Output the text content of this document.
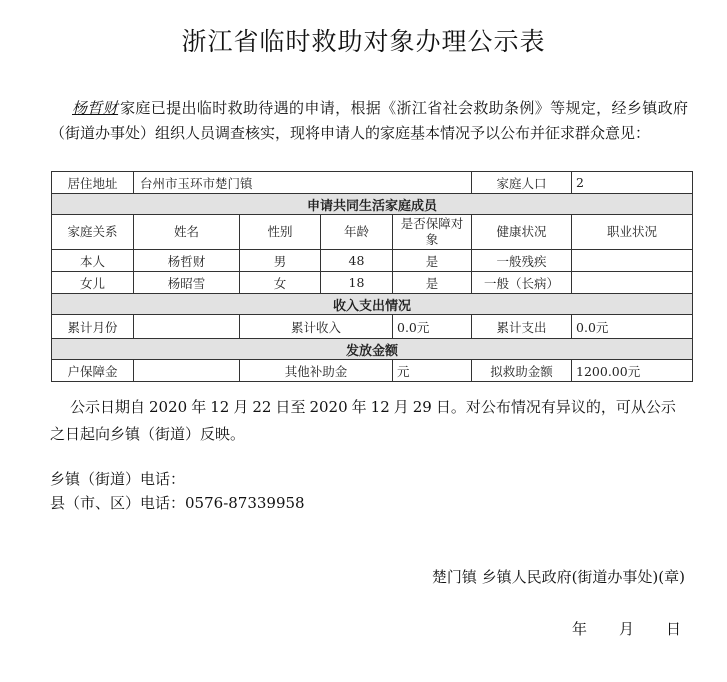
浙江省临时救助对象办理公示表
杨哲财 家庭已提出临时救助待遇的申请，根据《浙江省社会救助条例》等规定，经乡镇政府（街道办事处）组织人员调查核实，现将申请人的家庭基本情况予以公布并征求群众意见：
居住地址	台州市玉环市楚门镇				家庭人口	2
申请共同生活家庭成员						
家庭关系	姓名	性别	年龄	是否保障对象	健康状况	职业状况
本人	杨哲财	男	48	是	一般残疾	
女儿	杨昭雪	女	18	是	一般（长病）	
收入支出情况						
累计月份		累计收入		0.0元	累计支出	0.0元
发放金额						
户保障金		其他补助金		元	拟救助金额	1200.00元
公示日期自 2020 年 12 月 22 日至 2020 年 12 月 29 日。对公布情况有异议的，可从公示之日起向乡镇（街道）反映。
乡镇（街道）电话：
县（市、区）电话：0576-87339958
楚门镇 乡镇人民政府(街道办事处)(章)
年 月 日
